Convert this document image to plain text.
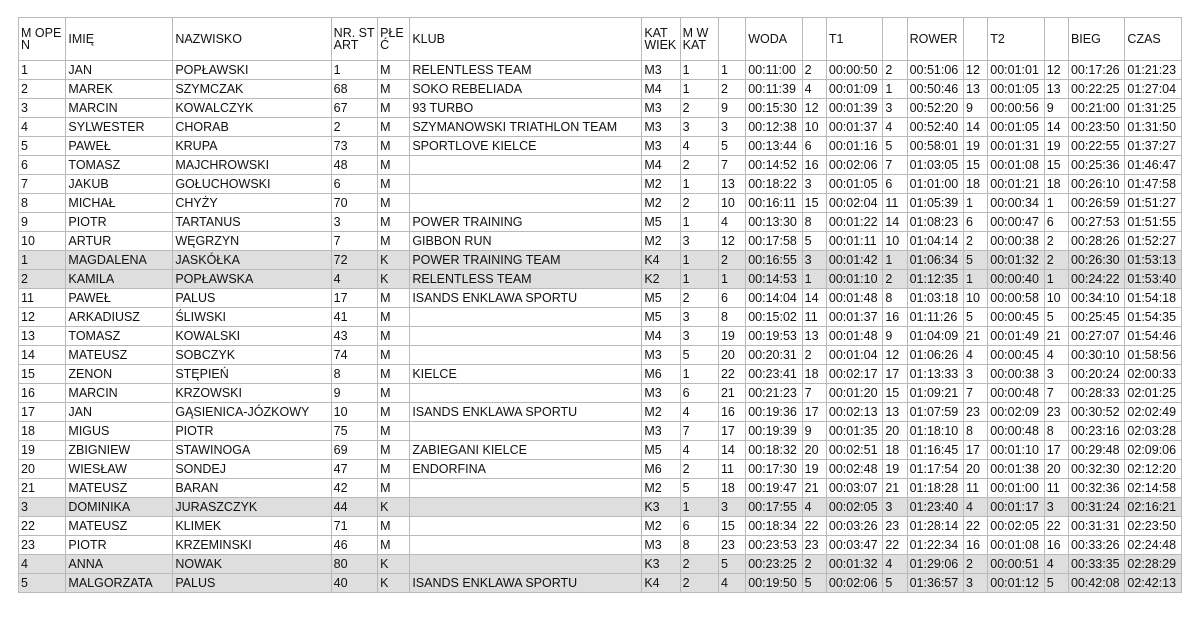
M OPEN	IMIĘ	NAZWISKO	NR. START	PŁEĆ	KLUB	KAT WIEK	M W KAT		WODA		T1		ROWER		T2		BIEG	CZAS
1	JAN	POPŁAWSKI	1	M	RELENTLESS TEAM	M3	1	1	00:11:00	2	00:00:50	2	00:51:06	12	00:01:01	12	00:17:26	01:21:23
2	MAREK	SZYMCZAK	68	M	SOKO REBELIADA	M4	1	2	00:11:39	4	00:01:09	1	00:50:46	13	00:01:05	13	00:22:25	01:27:04
3	MARCIN	KOWALCZYK	67	M	93 TURBO	M3	2	9	00:15:30	12	00:01:39	3	00:52:20	9	00:00:56	9	00:21:00	01:31:25
4	SYLWESTER	CHORAB	2	M	SZYMANOWSKI TRIATHLON TEAM	M3	3	3	00:12:38	10	00:01:37	4	00:52:40	14	00:01:05	14	00:23:50	01:31:50
5	PAWEŁ	KRUPA	73	M	SPORTLOVE KIELCE	M3	4	5	00:13:44	6	00:01:16	5	00:58:01	19	00:01:31	19	00:22:55	01:37:27
6	TOMASZ	MAJCHROWSKI	48	M		M4	2	7	00:14:52	16	00:02:06	7	01:03:05	15	00:01:08	15	00:25:36	01:46:47
7	JAKUB	GOŁUCHOWSKI	6	M		M2	1	13	00:18:22	3	00:01:05	6	01:01:00	18	00:01:21	18	00:26:10	01:47:58
8	MICHAŁ	CHYŻY	70	M		M2	2	10	00:16:11	15	00:02:04	11	01:05:39	1	00:00:34	1	00:26:59	01:51:27
9	PIOTR	TARTANUS	3	M	POWER TRAINING	M5	1	4	00:13:30	8	00:01:22	14	01:08:23	6	00:00:47	6	00:27:53	01:51:55
10	ARTUR	WĘGRZYN	7	M	GIBBON RUN	M2	3	12	00:17:58	5	00:01:11	10	01:04:14	2	00:00:38	2	00:28:26	01:52:27
1	MAGDALENA	JASKÓŁKA	72	K	POWER TRAINING TEAM	K4	1	2	00:16:55	3	00:01:42	1	01:06:34	5	00:01:32	2	00:26:30	01:53:13
2	KAMILA	POPŁAWSKA	4	K	RELENTLESS TEAM	K2	1	1	00:14:53	1	00:01:10	2	01:12:35	1	00:00:40	1	00:24:22	01:53:40
11	PAWEŁ	PALUS	17	M	ISANDS ENKLAWA SPORTU	M5	2	6	00:14:04	14	00:01:48	8	01:03:18	10	00:00:58	10	00:34:10	01:54:18
12	ARKADIUSZ	ŚLIWSKI	41	M		M5	3	8	00:15:02	11	00:01:37	16	01:11:26	5	00:00:45	5	00:25:45	01:54:35
13	TOMASZ	KOWALSKI	43	M		M4	3	19	00:19:53	13	00:01:48	9	01:04:09	21	00:01:49	21	00:27:07	01:54:46
14	MATEUSZ	SOBCZYK	74	M		M3	5	20	00:20:31	2	00:01:04	12	01:06:26	4	00:00:45	4	00:30:10	01:58:56
15	ZENON	STĘPIEŃ	8	M	KIELCE	M6	1	22	00:23:41	18	00:02:17	17	01:13:33	3	00:00:38	3	00:20:24	02:00:33
16	MARCIN	KRZOWSKI	9	M		M3	6	21	00:21:23	7	00:01:20	15	01:09:21	7	00:00:48	7	00:28:33	02:01:25
17	JAN	GĄSIENICA-JÓZKOWY	10	M	ISANDS ENKLAWA SPORTU	M2	4	16	00:19:36	17	00:02:13	13	01:07:59	23	00:02:09	23	00:30:52	02:02:49
18	MIGUS	PIOTR	75	M		M3	7	17	00:19:39	9	00:01:35	20	01:18:10	8	00:00:48	8	00:23:16	02:03:28
19	ZBIGNIEW	STAWINOGA	69	M	ZABIEGANI KIELCE	M5	4	14	00:18:32	20	00:02:51	18	01:16:45	17	00:01:10	17	00:29:48	02:09:06
20	WIESŁAW	SONDEJ	47	M	ENDORFINA	M6	2	11	00:17:30	19	00:02:48	19	01:17:54	20	00:01:38	20	00:32:30	02:12:20
21	MATEUSZ	BARAN	42	M		M2	5	18	00:19:47	21	00:03:07	21	01:18:28	11	00:01:00	11	00:32:36	02:14:58
3	DOMINIKA	JURASZCZYK	44	K		K3	1	3	00:17:55	4	00:02:05	3	01:23:40	4	00:01:17	3	00:31:24	02:16:21
22	MATEUSZ	KLIMEK	71	M		M2	6	15	00:18:34	22	00:03:26	23	01:28:14	22	00:02:05	22	00:31:31	02:23:50
23	PIOTR	KRZEMINSKI	46	M		M3	8	23	00:23:53	23	00:03:47	22	01:22:34	16	00:01:08	16	00:33:26	02:24:48
4	ANNA	NOWAK	80	K		K3	2	5	00:23:25	2	00:01:32	4	01:29:06	2	00:00:51	4	00:33:35	02:28:29
5	MALGORZATA	PALUS	40	K	ISANDS ENKLAWA SPORTU	K4	2	4	00:19:50	5	00:02:06	5	01:36:57	3	00:01:12	5	00:42:08	02:42:13
